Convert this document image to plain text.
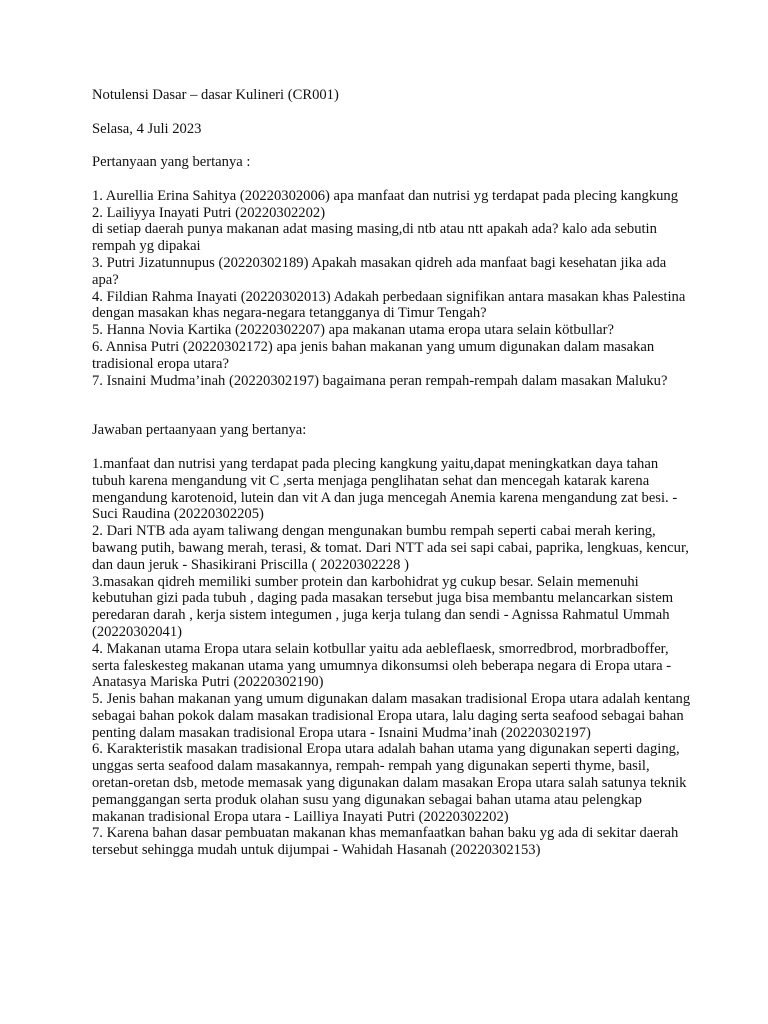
Notulensi Dasar – dasar Kulineri (CR001)

Selasa, 4 Juli 2023

Pertanyaan yang bertanya :

1. Aurellia Erina Sahitya (20220302006) apa manfaat dan nutrisi yg terdapat pada plecing kangkung

2. Lailiyya Inayati Putri (20220302202)

di setiap daerah punya makanan adat masing masing,di ntb atau ntt apakah ada? kalo ada sebutin rempah yg dipakai

3. Putri Jizatunnupus (20220302189) Apakah masakan qidreh ada manfaat bagi kesehatan jika ada apa?

4. Fildian Rahma Inayati (20220302013) Adakah perbedaan signifikan antara masakan khas Palestina dengan masakan khas negara-negara tetangganya di Timur Tengah?

5. Hanna Novia Kartika (20220302207) apa makanan utama eropa utara selain kötbullar?

6. Annisa Putri (20220302172) apa jenis bahan makanan yang umum digunakan dalam masakan tradisional eropa utara?

7. Isnaini Mudma’inah (20220302197) bagaimana peran rempah-rempah dalam masakan Maluku?

Jawaban pertaanyaan yang bertanya:

1.manfaat dan nutrisi yang terdapat pada plecing kangkung yaitu,dapat meningkatkan daya tahan tubuh karena mengandung vit C ,serta menjaga penglihatan sehat dan mencegah katarak karena mengandung karotenoid, lutein dan vit A dan juga mencegah Anemia karena mengandung zat besi. - Suci Raudina (20220302205)

2. Dari NTB ada ayam taliwang dengan mengunakan bumbu rempah seperti cabai merah kering, bawang putih, bawang merah, terasi, & tomat. Dari NTT ada sei sapi cabai, paprika, lengkuas, kencur, dan daun jeruk - Shasikirani Priscilla ( 20220302228 )

3.masakan qidreh memiliki sumber protein dan karbohidrat yg cukup besar. Selain memenuhi kebutuhan gizi pada tubuh , daging pada masakan tersebut juga bisa membantu melancarkan sistem peredaran darah , kerja sistem integumen , juga kerja tulang dan sendi - Agnissa Rahmatul Ummah (20220302041)

4. Makanan utama Eropa utara selain kotbullar yaitu ada aebleflaesk, smorredbrod, morbradboffer, serta faleskesteg makanan utama yang umumnya dikonsumsi oleh beberapa negara di Eropa utara - Anatasya Mariska Putri (20220302190)

5. Jenis bahan makanan yang umum digunakan dalam masakan tradisional Eropa utara adalah kentang sebagai bahan pokok dalam masakan tradisional Eropa utara, lalu daging serta seafood sebagai bahan penting dalam masakan tradisional Eropa utara - Isnaini Mudma’inah (20220302197)

6. Karakteristik masakan tradisional Eropa utara adalah bahan utama yang digunakan seperti daging, unggas serta seafood dalam masakannya, rempah- rempah yang digunakan seperti thyme, basil, oretan-oretan dsb, metode memasak yang digunakan dalam masakan Eropa utara salah satunya teknik pemanggangan serta produk olahan susu yang digunakan sebagai bahan utama atau pelengkap makanan tradisional Eropa utara - Lailliya Inayati Putri (20220302202)

7. Karena bahan dasar pembuatan makanan khas memanfaatkan bahan baku yg ada di sekitar daerah tersebut sehingga mudah untuk dijumpai - Wahidah Hasanah (20220302153)
